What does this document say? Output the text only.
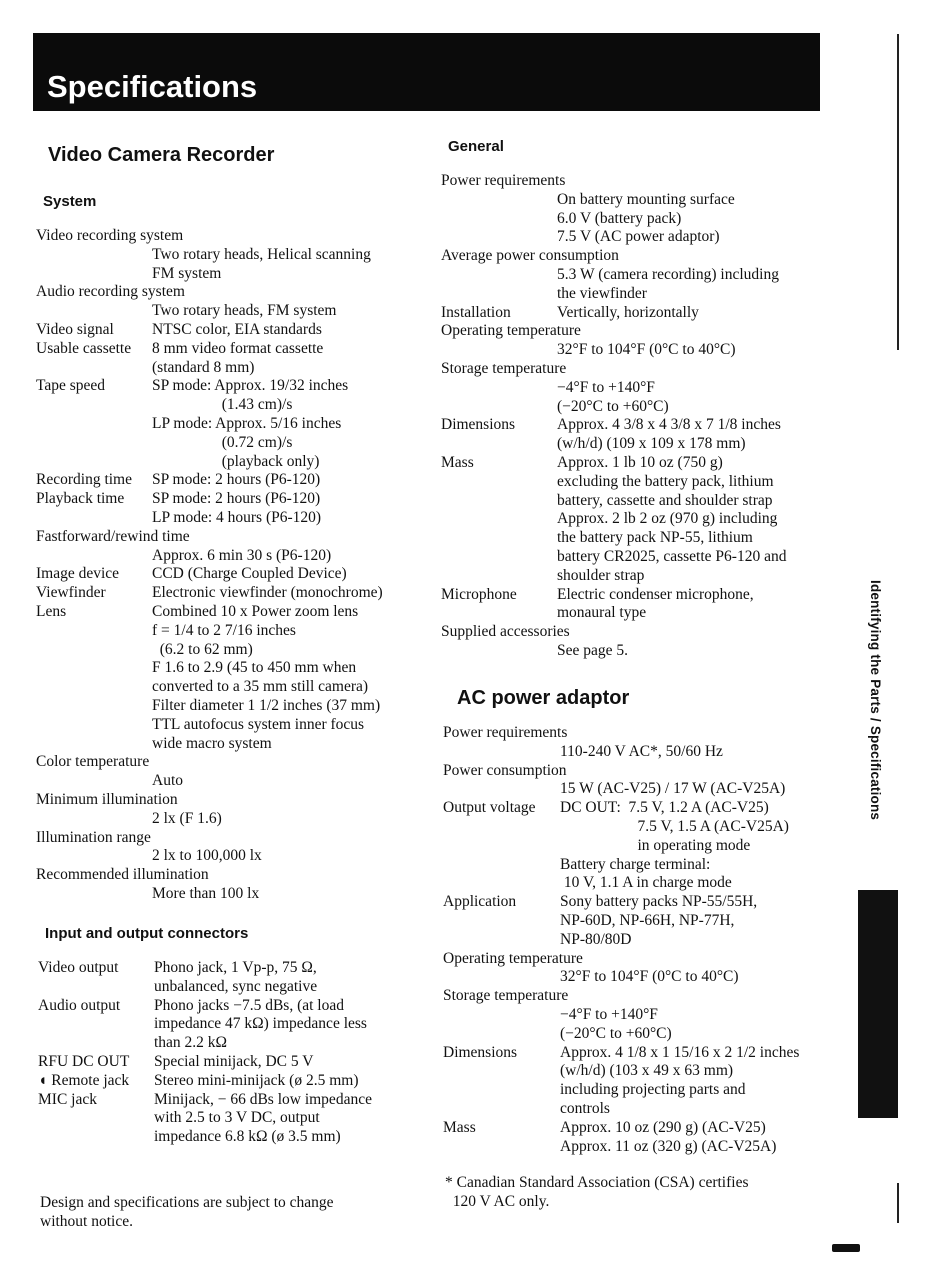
Specifications
Identifying the Parts / Specifications
Video Camera Recorder
System
Video recording system
Two rotary heads, Helical scanning
FM system
Audio recording system
Two rotary heads, FM system
Video signal NTSC color, EIA standards
Usable cassette 8 mm video format cassette
(standard 8 mm)
Tape speed	SP mode: Approx. 19/32 inches
(1.43 cm)/s
LP mode: Approx. 5/16 inches
(0.72 cm)/s
(playback only)
Recording time SP mode: 2 hours (P6-120)
Playback time SP mode: 2 hours (P6-120)
LP mode: 4 hours (P6-120)
Fastforward/rewind time
Approx. 6 min 30 s (P6-120)
Image device CCD (Charge Coupled Device)
Viewfinder	Electronic viewfinder (monochrome)
Lens	Combined 10 x Power zoom lens
f = 1/4 to 2 7/16 inches
(6.2 to 62 mm)
F 1.6 to 2.9 (45 to 450 mm when
converted to a 35 mm still camera)
Filter diameter 1 1/2 inches (37 mm)
TTL autofocus system inner focus
wide macro system
Color temperature
Auto
Minimum illumination
2 lx (F 1.6)
Illumination range
2 lx to 100,000 lx
Recommended illumination
More than 100 lx
Input and output connectors
Video output Phono jack, 1 Vp-p, 75 Ω,
unbalanced, sync negative
Audio output Phono jacks −7.5 dBs, (at load
impedance 47 kΩ) impedance less
than 2.2 kΩ
RFU DC OUT Special minijack, DC 5 V
◖ Remote jack Stereo mini-minijack (ø 2.5 mm)
MIC jack	Minijack, − 66 dBs low impedance
with 2.5 to 3 V DC, output
impedance 6.8 kΩ (ø 3.5 mm)
Design and specifications are subject to change
without notice.
General
Power requirements
On battery mounting surface
6.0 V (battery pack)
7.5 V (AC power adaptor)
Average power consumption
5.3 W (camera recording) including
the viewfinder
Installation	Vertically, horizontally
Operating temperature
32°F to 104°F (0°C to 40°C)
Storage temperature
−4°F to +140°F
(−20°C to +60°C)
Dimensions	Approx. 4 3/8 x 4 3/8 x 7 1/8 inches
(w/h/d) (109 x 109 x 178 mm)
Mass	Approx. 1 lb 10 oz (750 g)
excluding the battery pack, lithium
battery, cassette and shoulder strap
Approx. 2 lb 2 oz (970 g) including
the battery pack NP-55, lithium
battery CR2025, cassette P6-120 and
shoulder strap
Microphone	Electric condenser microphone,
monaural type
Supplied accessories
See page 5.
AC power adaptor
Power requirements
110-240 V AC*, 50/60 Hz
Power consumption
15 W (AC-V25) / 17 W (AC-V25A)
Output voltage DC OUT:  7.5 V, 1.2 A (AC-V25)
7.5 V, 1.5 A (AC-V25A)
in operating mode
Battery charge terminal:
10 V, 1.1 A in charge mode
Application	Sony battery packs NP-55/55H,
NP-60D, NP-66H, NP-77H,
NP-80/80D
Operating temperature
32°F to 104°F (0°C to 40°C)
Storage temperature
−4°F to +140°F
(−20°C to +60°C)
Dimensions	Approx. 4 1/8 x 1 15/16 x 2 1/2 inches
(w/h/d) (103 x 49 x 63 mm)
including projecting parts and
controls
Mass	Approx. 10 oz (290 g) (AC-V25)
Approx. 11 oz (320 g) (AC-V25A)
* Canadian Standard Association (CSA) certifies
120 V AC only.
